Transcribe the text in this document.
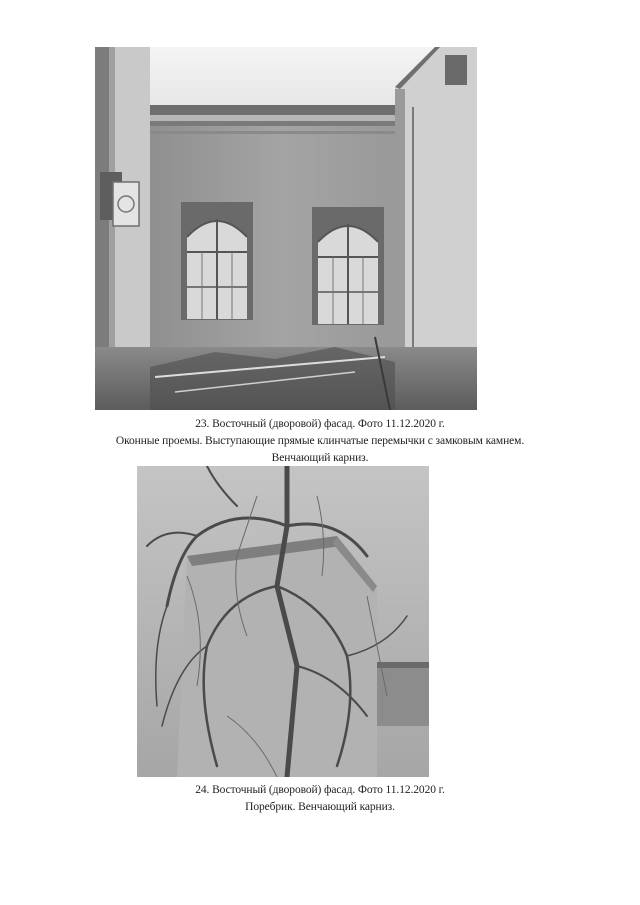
23. Восточный (дворовой) фасад. Фото 11.12.2020 г.
Оконные проемы. Выступающие прямые клинчатые перемычки с замковым камнем.
Венчающий карниз.
24. Восточный (дворовой) фасад. Фото 11.12.2020 г.
Поребрик. Венчающий карниз.
